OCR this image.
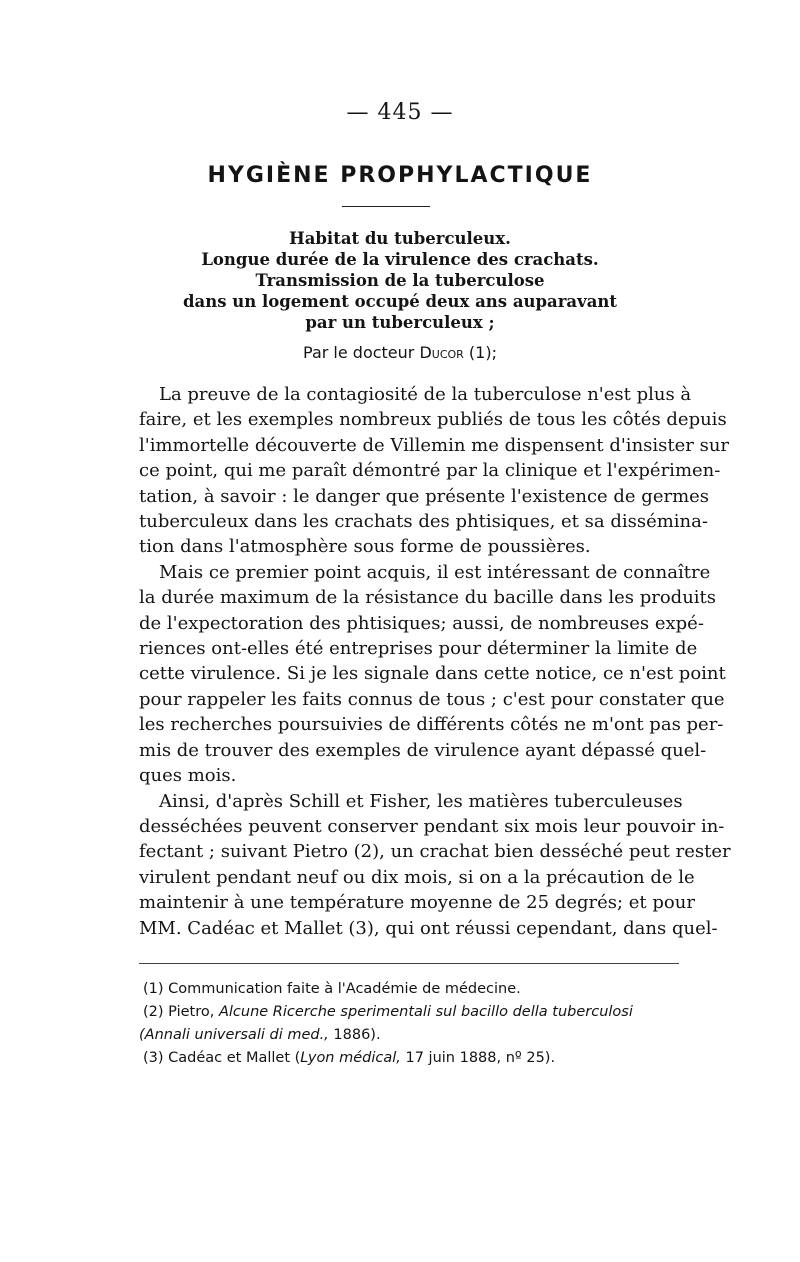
— 445 —
HYGIÈNE PROPHYLACTIQUE
Habitat du tuberculeux.
Longue durée de la virulence des crachats.
Transmission de la tuberculose
dans un logement occupé deux ans auparavant
par un tuberculeux ;
Par le docteur Ducor (1);
La preuve de la contagiosité de la tuberculose n'est plus à
faire, et les exemples nombreux publiés de tous les côtés depuis
l'immortelle découverte de Villemin me dispensent d'insister sur
ce point, qui me paraît démontré par la clinique et l'expérimen-
tation, à savoir : le danger que présente l'existence de germes
tuberculeux dans les crachats des phtisiques, et sa dissémina-
tion dans l'atmosphère sous forme de poussières.
Mais ce premier point acquis, il est intéressant de connaître
la durée maximum de la résistance du bacille dans les produits
de l'expectoration des phtisiques; aussi, de nombreuses expé-
riences ont-elles été entreprises pour déterminer la limite de
cette virulence. Si je les signale dans cette notice, ce n'est point
pour rappeler les faits connus de tous ; c'est pour constater que
les recherches poursuivies de différents côtés ne m'ont pas per-
mis de trouver des exemples de virulence ayant dépassé quel-
ques mois.
Ainsi, d'après Schill et Fisher, les matières tuberculeuses
desséchées peuvent conserver pendant six mois leur pouvoir in-
fectant ; suivant Pietro (2), un crachat bien desséché peut rester
virulent pendant neuf ou dix mois, si on a la précaution de le
maintenir à une température moyenne de 25 degrés; et pour
MM. Cadéac et Mallet (3), qui ont réussi cependant, dans quel-
(1) Communication faite à l'Académie de médecine.
(2) Pietro, Alcune Ricerche sperimentali sul bacillo della tuberculosi
(Annali universali di med., 1886).
(3) Cadéac et Mallet (Lyon médical, 17 juin 1888, nº 25).
